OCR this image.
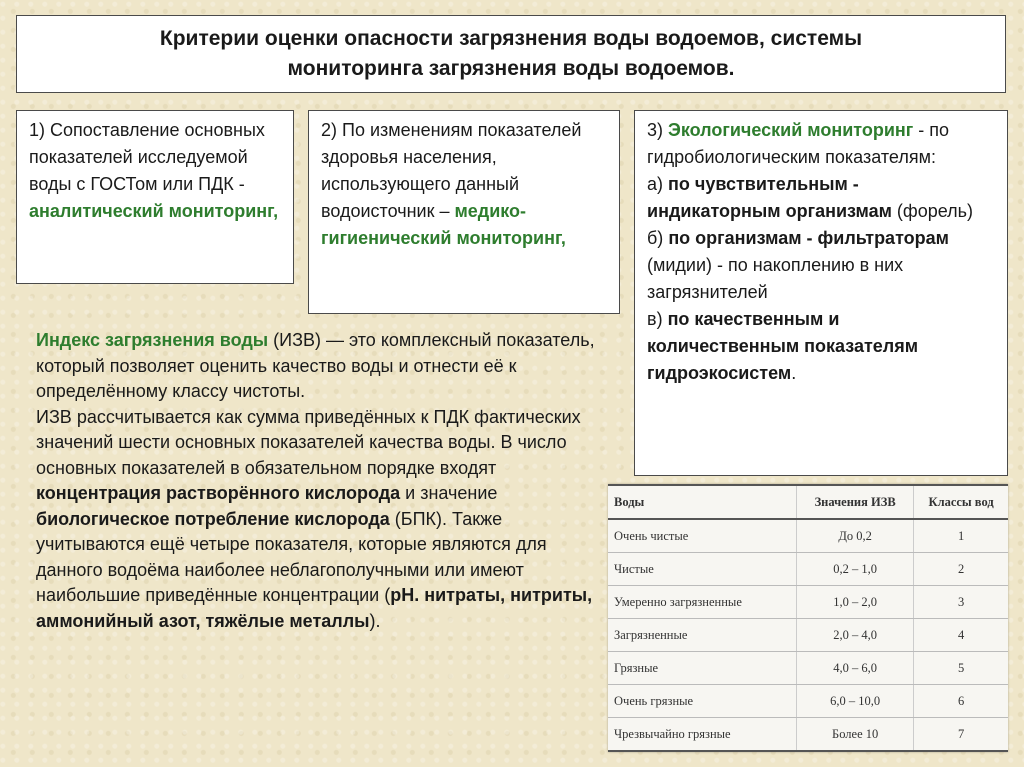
Критерии оценки опасности загрязнения воды водоемов, системы
мониторинга загрязнения воды водоемов.
1) Сопоставление основных показателей исследуемой воды с ГОСТом или ПДК - аналитический мониторинг,
2) По изменениям показателей здоровья населения, использующего данный водоисточник – медико-гигиенический мониторинг,
3) Экологический мониторинг - по гидробиологическим показателям:
а) по чувствительным - индикаторным организмам (форель)
б) по организмам - фильтраторам (мидии) - по накоплению в них загрязнителей
в) по качественным и количественным показателям гидроэкосистем.

Индекс загрязнения воды (ИЗВ) — это комплексный показатель, который позволяет оценить качество воды и отнести её к определённому классу чистоты.

ИЗВ рассчитывается как сумма приведённых к ПДК фактических значений шести основных показателей качества воды. В число основных показателей в обязательном порядке входят концентрация растворённого кислорода и значение биологическое потребление кислорода (БПК). Также учитываются ещё четыре показателя, которые являются для данного водоёма наиболее неблагополучными или имеют наибольшие приведённые концентрации (рН. нитраты, нитриты, аммонийный азот, тяжёлые металлы).

Воды	Значения ИЗВ	Классы вод
Очень чистые	До 0,2	1
Чистые	0,2 – 1,0	2
Умеренно загрязненные	1,0 – 2,0	3
Загрязненные	2,0 – 4,0	4
Грязные	4,0 – 6,0	5
Очень грязные	6,0 – 10,0	6
Чрезвычайно грязные	Более 10	7
